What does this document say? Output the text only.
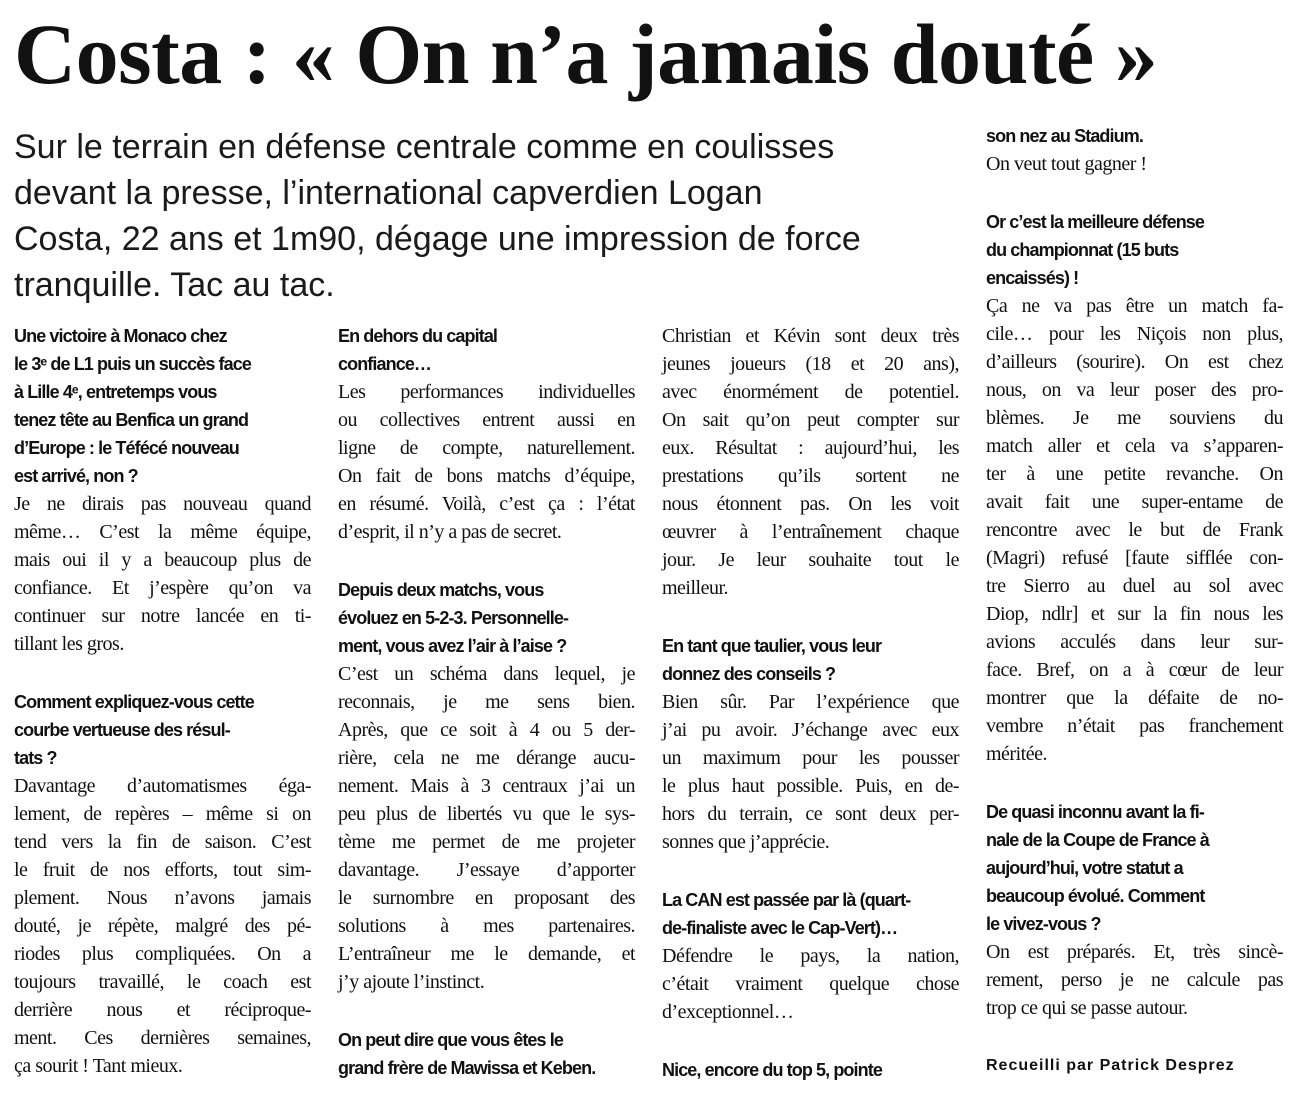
Costa : « On n’a jamais douté »
Sur le terrain en défense centrale comme en coulisses
devant la presse, l’international capverdien Logan
Costa, 22 ans et 1m90, dégage une impression de force
tranquille. Tac au tac.
Une victoire à Monaco chez
le 3ᵉ de L1 puis un succès face
à Lille 4ᵉ, entretemps vous
tenez tête au Benfica un grand
d’Europe : le Téfécé nouveau
est arrivé, non ?
Je ne dirais pas nouveau quand
même… C’est la même équipe,
mais oui il y a beaucoup plus de
confiance. Et j’espère qu’on va
continuer sur notre lancée en ti-
tillant les gros.
Comment expliquez-vous cette
courbe vertueuse des résul-
tats ?
Davantage d’automatismes éga-
lement, de repères – même si on
tend vers la fin de saison. C’est
le fruit de nos efforts, tout sim-
plement. Nous n’avons jamais
douté, je répète, malgré des pé-
riodes plus compliquées. On a
toujours travaillé, le coach est
derrière nous et réciproque-
ment. Ces dernières semaines,
ça sourit ! Tant mieux.
En dehors du capital
confiance…
Les performances individuelles
ou collectives entrent aussi en
ligne de compte, naturellement.
On fait de bons matchs d’équipe,
en résumé. Voilà, c’est ça : l’état
d’esprit, il n’y a pas de secret.
Depuis deux matchs, vous
évoluez en 5-2-3. Personnelle-
ment, vous avez l’air à l’aise ?
C’est un schéma dans lequel, je
reconnais, je me sens bien.
Après, que ce soit à 4 ou 5 der-
rière, cela ne me dérange aucu-
nement. Mais à 3 centraux j’ai un
peu plus de libertés vu que le sys-
tème me permet de me projeter
davantage. J’essaye d’apporter
le surnombre en proposant des
solutions à mes partenaires.
L’entraîneur me le demande, et
j’y ajoute l’instinct.
On peut dire que vous êtes le
grand frère de Mawissa et Keben.
Christian et Kévin sont deux très
jeunes joueurs (18 et 20 ans),
avec énormément de potentiel.
On sait qu’on peut compter sur
eux. Résultat : aujourd’hui, les
prestations qu’ils sortent ne
nous étonnent pas. On les voit
œuvrer à l’entraînement chaque
jour. Je leur souhaite tout le
meilleur.
En tant que taulier, vous leur
donnez des conseils ?
Bien sûr. Par l’expérience que
j’ai pu avoir. J’échange avec eux
un maximum pour les pousser
le plus haut possible. Puis, en de-
hors du terrain, ce sont deux per-
sonnes que j’apprécie.
La CAN est passée par là (quart-
de-finaliste avec le Cap-Vert)…
Défendre le pays, la nation,
c’était vraiment quelque chose
d’exceptionnel…
Nice, encore du top 5, pointe
son nez au Stadium.
On veut tout gagner !
Or c’est la meilleure défense
du championnat (15 buts
encaissés) !
Ça ne va pas être un match fa-
cile… pour les Niçois non plus,
d’ailleurs (sourire). On est chez
nous, on va leur poser des pro-
blèmes. Je me souviens du
match aller et cela va s’apparen-
ter à une petite revanche. On
avait fait une super-entame de
rencontre avec le but de Frank
(Magri) refusé [faute sifflée con-
tre Sierro au duel au sol avec
Diop, ndlr] et sur la fin nous les
avions acculés dans leur sur-
face. Bref, on a à cœur de leur
montrer que la défaite de no-
vembre n’était pas franchement
méritée.
De quasi inconnu avant la fi-
nale de la Coupe de France à
aujourd’hui, votre statut a
beaucoup évolué. Comment
le vivez-vous ?
On est préparés. Et, très sincè-
rement, perso je ne calcule pas
trop ce qui se passe autour.
Recueilli par Patrick Desprez
